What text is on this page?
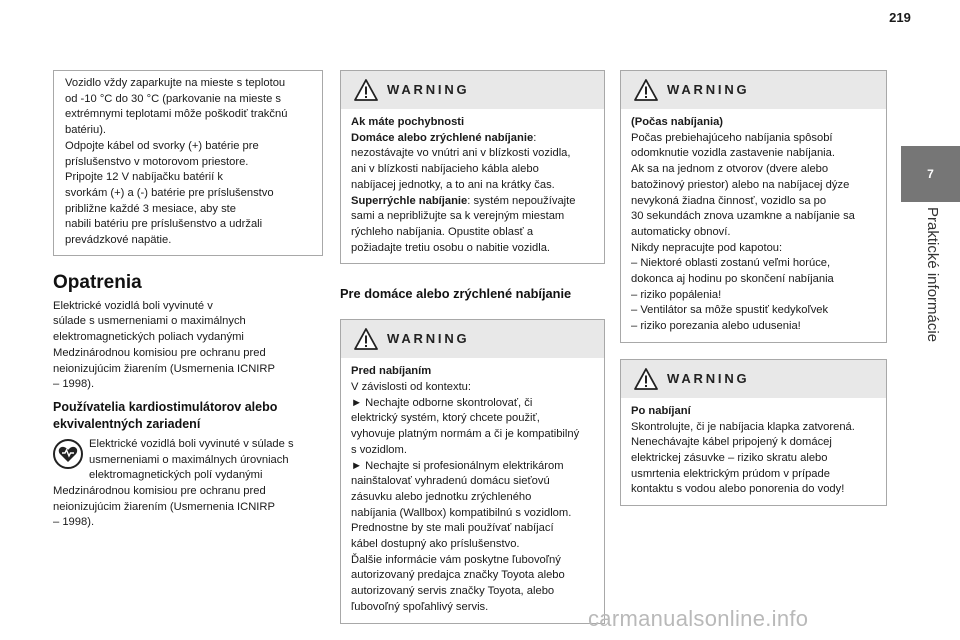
219
7
Praktické informácie
Vozidlo vždy zaparkujte na mieste s teplotou
od -10 °C do 30 °C (parkovanie na mieste s
extrémnymi teplotami môže poškodiť trakčnú
batériu).
Odpojte kábel od svorky (+) batérie pre
príslušenstvo v motorovom priestore.
Pripojte 12 V nabíjačku batérií k
svorkám (+) a (-) batérie pre príslušenstvo
približne každé 3 mesiace, aby ste
nabili batériu pre príslušenstvo a udržali
prevádzkové napätie.
Opatrenia
Elektrické vozidlá boli vyvinuté v
súlade s usmerneniami o maximálnych
elektromagnetických poliach vydanými
Medzinárodnou komisiou pre ochranu pred
neionizujúcim žiarením (Usmernenia ICNIRP
– 1998).
Používatelia kardiostimulátorov alebo
ekvivalentných zariadení
Elektrické vozidlá boli vyvinuté v súlade s
usmerneniami o maximálnych úrovniach
elektromagnetických polí vydanými
Medzinárodnou komisiou pre ochranu pred
neionizujúcim žiarením (Usmernenia ICNIRP
– 1998).
WARNING
Ak máte pochybnosti
Domáce alebo zrýchlené nabíjanie:
nezostávajte vo vnútri ani v blízkosti vozidla,
ani v blízkosti nabíjacieho kábla alebo
nabíjacej jednotky, a to ani na krátky čas.
Superrýchle nabíjanie: systém nepoužívajte
sami a nepribližujte sa k verejným miestam
rýchleho nabíjania. Opustite oblasť a
požiadajte tretiu osobu o nabitie vozidla.
Pre domáce alebo zrýchlené nabíjanie
WARNING
Pred nabíjaním
V závislosti od kontextu:
► Nechajte odborne skontrolovať, či
elektrický systém, ktorý chcete použiť,
vyhovuje platným normám a či je kompatibilný
s vozidlom.
► Nechajte si profesionálnym elektrikárom
nainštalovať vyhradenú domácu sieťovú
zásuvku alebo jednotku zrýchleného
nabíjania (Wallbox) kompatibilnú s vozidlom.
Prednostne by ste mali používať nabíjací
kábel dostupný ako príslušenstvo.
Ďalšie informácie vám poskytne ľubovoľný
autorizovaný predajca značky Toyota alebo
autorizovaný servis značky Toyota, alebo
ľubovoľný spoľahlivý servis.
WARNING
(Počas nabíjania)
Počas prebiehajúceho nabíjania spôsobí
odomknutie vozidla zastavenie nabíjania.
Ak sa na jednom z otvorov (dvere alebo
batožinový priestor) alebo na nabíjacej dýze
nevykoná žiadna činnosť, vozidlo sa po
30 sekundách znova uzamkne a nabíjanie sa
automaticky obnoví.
Nikdy nepracujte pod kapotou:
– Niektoré oblasti zostanú veľmi horúce,
dokonca aj hodinu po skončení nabíjania
– riziko popálenia!
– Ventilátor sa môže spustiť kedykoľvek
– riziko porezania alebo udusenia!
WARNING
Po nabíjaní
Skontrolujte, či je nabíjacia klapka zatvorená.
Nenechávajte kábel pripojený k domácej
elektrickej zásuvke – riziko skratu alebo
usmrtenia elektrickým prúdom v prípade
kontaktu s vodou alebo ponorenia do vody!
carmanualsonline.info
